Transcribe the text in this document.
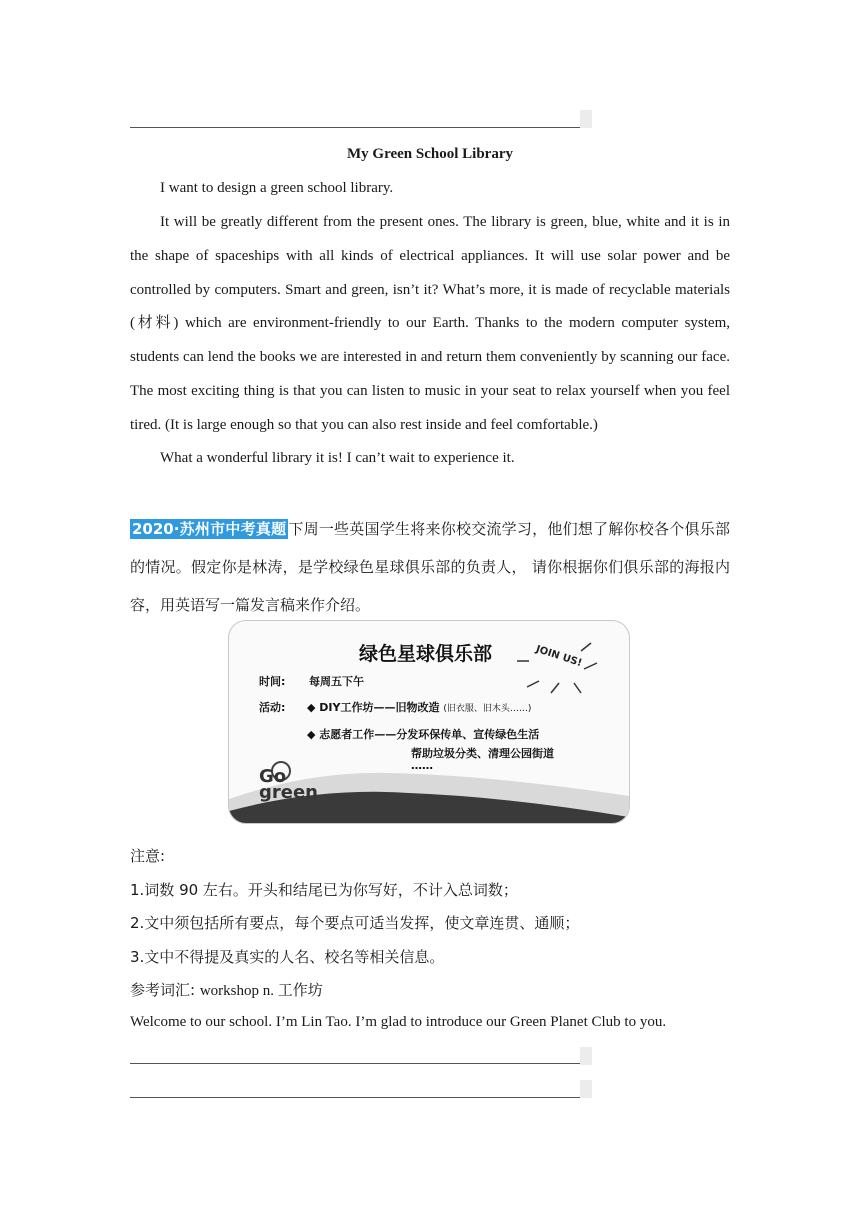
My Green School Library

I want to design a green school library.

It will be greatly different from the present ones. The library is green, blue, white and it is in the shape of spaceships with all kinds of electrical appliances. It will use solar power and be controlled by computers. Smart and green, isn’t it? What’s more, it is made of recyclable materials (材料) which are environment-friendly to our Earth. Thanks to the modern computer system, students can lend the books we are interested in and return them conveniently by scanning our face. The most exciting thing is that you can listen to music in your seat to relax yourself when you feel tired. (It is large enough so that you can also rest inside and feel comfortable.)

What a wonderful library it is! I can’t wait to experience it.

2020·苏州市中考真题 下周一些英国学生将来你校交流学习，他们想了解你校各个俱乐部的情况。假定你是林涛，是学校绿色星球俱乐部的负责人， 请你根据你们俱乐部的海报内容，用英语写一篇发言稿来作介绍。
绿色星球俱乐部	JOIN US!
时间: 每周五下午
活动: ◆ DIY工作坊——旧物改造 (旧衣服、旧木头……)
◆ 志愿者工作——分发环保传单、宣传绿色生活
帮助垃圾分类、清理公园街道
……
Go
green
注意:
1.词数 90 左右。开头和结尾已为你写好，不计入总词数；
2.文中须包括所有要点，每个要点可适当发挥，使文章连贯、通顺；
3.文中不得提及真实的人名、校名等相关信息。
参考词汇: workshop n. 工作坊
Welcome to our school. I’m Lin Tao. I’m glad to introduce our Green Planet Club to you.
